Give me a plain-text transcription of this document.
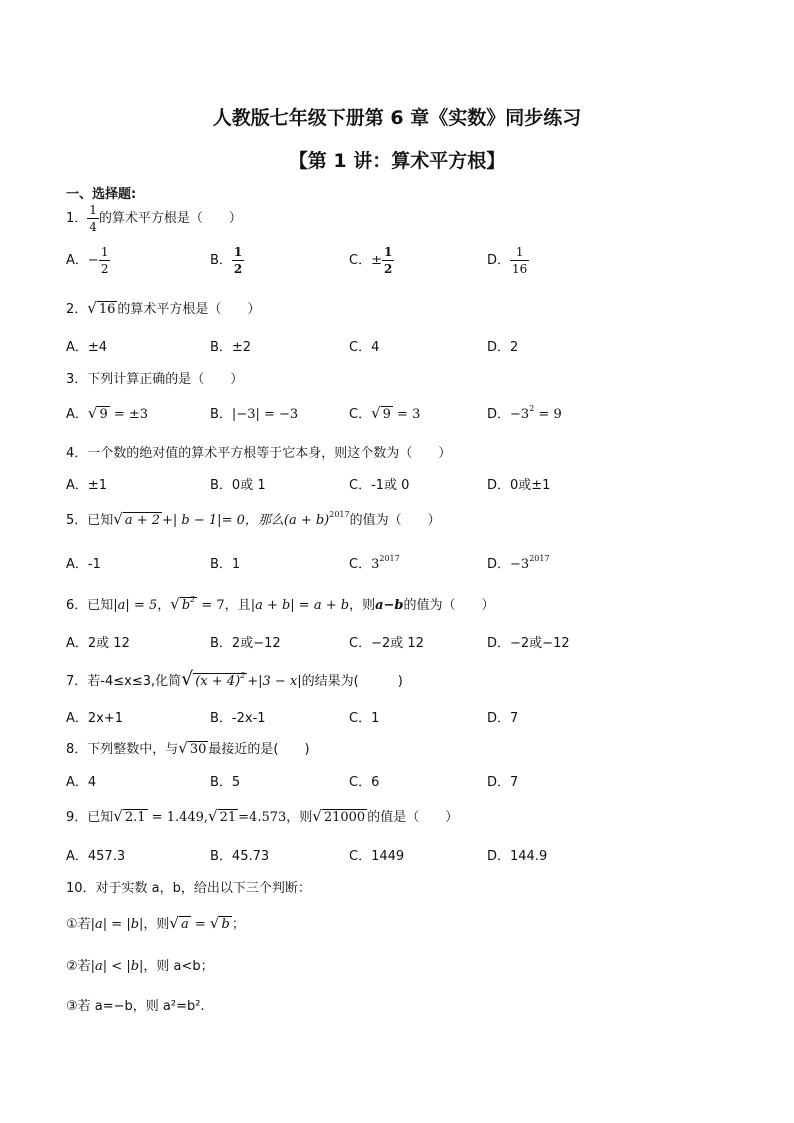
人教版七年级下册第 6 章《实数》同步练习
【第 1 讲：算术平方根】
一、选择题:
1． $\frac{1}{4}$ 的算术平方根是（　　）
A．− $\frac{1}{2}$	B． $\frac{1}{2}$	C．± $\frac{1}{2}$	D． $\frac{1}{16}$
2．√ 16 的算术平方根是（　　）
A．±4	B．±2	C．4	D．2
3．下列计算正确的是（　　）
A．√ 9 = ±3	B．|−3| = −3	C．√ 9 = 3	D．$-3^2 = 9$
4．一个数的绝对值的算术平方根等于它本身，则这个数为（　　）
A．±1	B．0或 1	C．-1或 0	D．0或±1
5．已知√ a + 2 +| b − 1|= 0，那么$(a + b)^{2017}$的值为（　　）
A．-1	B．1	C．$3^{2017}$	D．$-3^{2017}$
6．已知|a| = 5，√ $b^2 = 7$，且|a + b| = a + b，则a−b的值为（　　）
A．2或 12	B．2或−12	C．−2或 12	D．−2或−12
7．若-4≤x≤3,化简√ $(x + 4)^2 +|3 - x|$的结果为(　　　)
A．2x+1	B．-2x-1	C．1	D．7
8．下列整数中，与√ 30 最接近的是(　　)
A．4	B．5	C．6	D．7
9．已知√ 2.1 = 1.449,√ 21 =4.573，则√ 21000 的值是（　　）
A．457.3	B．45.73	C．1449	D．144.9
10．对于实数 a，b，给出以下三个判断：
①若|a| = |b|，则√ a = √ b ；
②若|a| < |b|，则 a<b；
③若 a=−b，则 a²=b².
